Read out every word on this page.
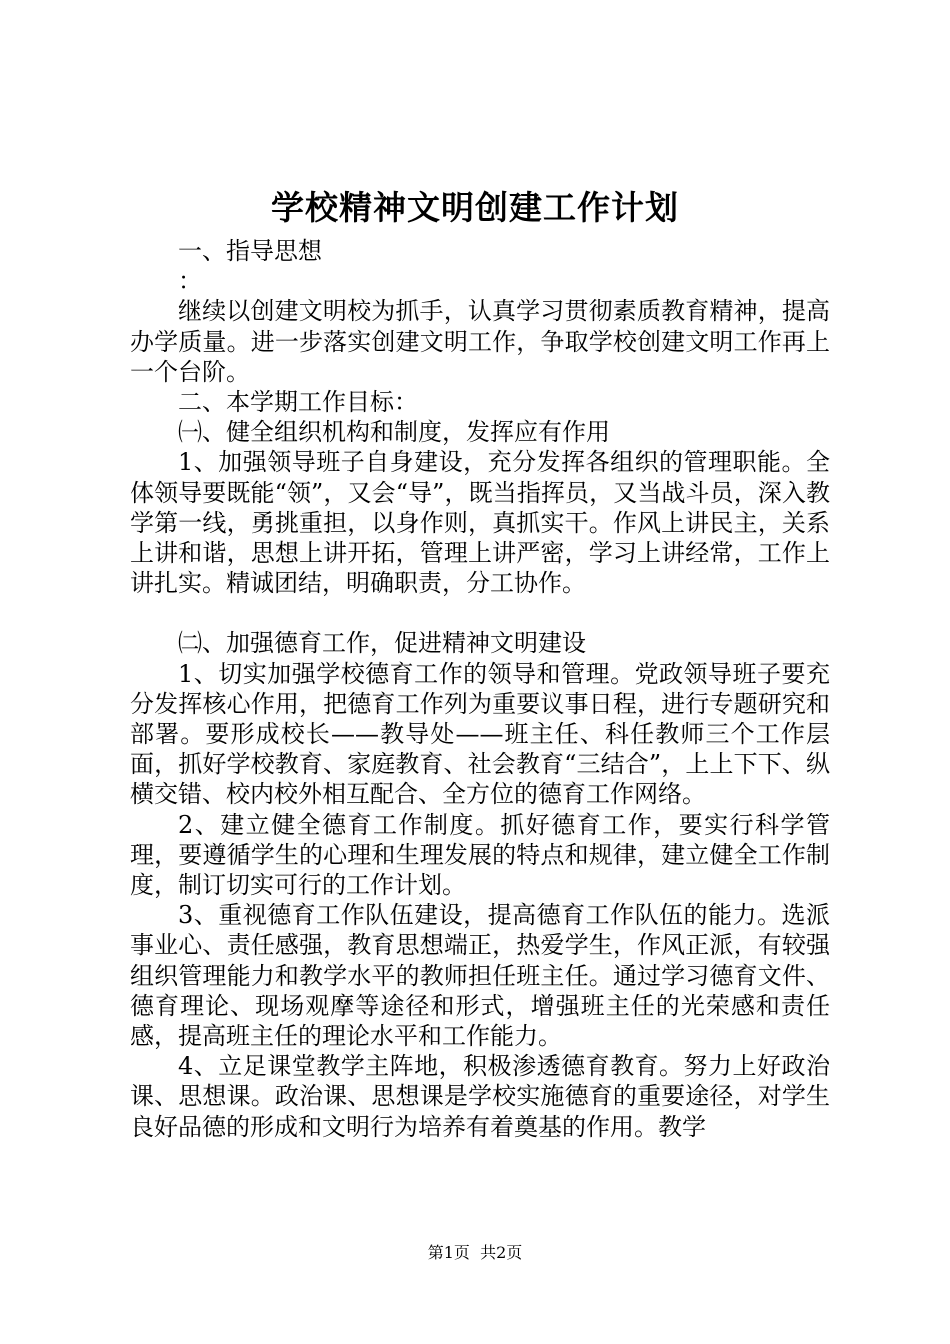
学校精神文明创建工作计划

一、指导思想

：

继续以创建文明校为抓手，认真学习贯彻素质教育精神，提高办学质量。进一步落实创建文明工作，争取学校创建文明工作再上一个台阶。

二、本学期工作目标：

㈠、健全组织机构和制度，发挥应有作用

1、加强领导班子自身建设，充分发挥各组织的管理职能。全体领导要既能“领”，又会“导”，既当指挥员，又当战斗员，深入教学第一线，勇挑重担，以身作则，真抓实干。作风上讲民主，关系上讲和谐，思想上讲开拓，管理上讲严密，学习上讲经常，工作上讲扎实。精诚团结，明确职责，分工协作。

㈡、加强德育工作，促进精神文明建设

1、切实加强学校德育工作的领导和管理。党政领导班子要充分发挥核心作用，把德育工作列为重要议事日程，进行专题研究和部署。要形成校长——教导处——班主任、科任教师三个工作层面，抓好学校教育、家庭教育、社会教育“三结合”，上上下下、纵横交错、校内校外相互配合、全方位的德育工作网络。

2、建立健全德育工作制度。抓好德育工作，要实行科学管理，要遵循学生的心理和生理发展的特点和规律，建立健全工作制度，制订切实可行的工作计划。

3、重视德育工作队伍建设，提高德育工作队伍的能力。选派事业心、责任感强，教育思想端正，热爱学生，作风正派，有较强组织管理能力和教学水平的教师担任班主任。通过学习德育文件、德育理论、现场观摩等途径和形式，增强班主任的光荣感和责任感，提高班主任的理论水平和工作能力。

4、立足课堂教学主阵地，积极渗透德育教育。努力上好政治课、思想课。政治课、思想课是学校实施德育的重要途径，对学生良好品德的形成和文明行为培养有着奠基的作用。教学

第1页 共2页
